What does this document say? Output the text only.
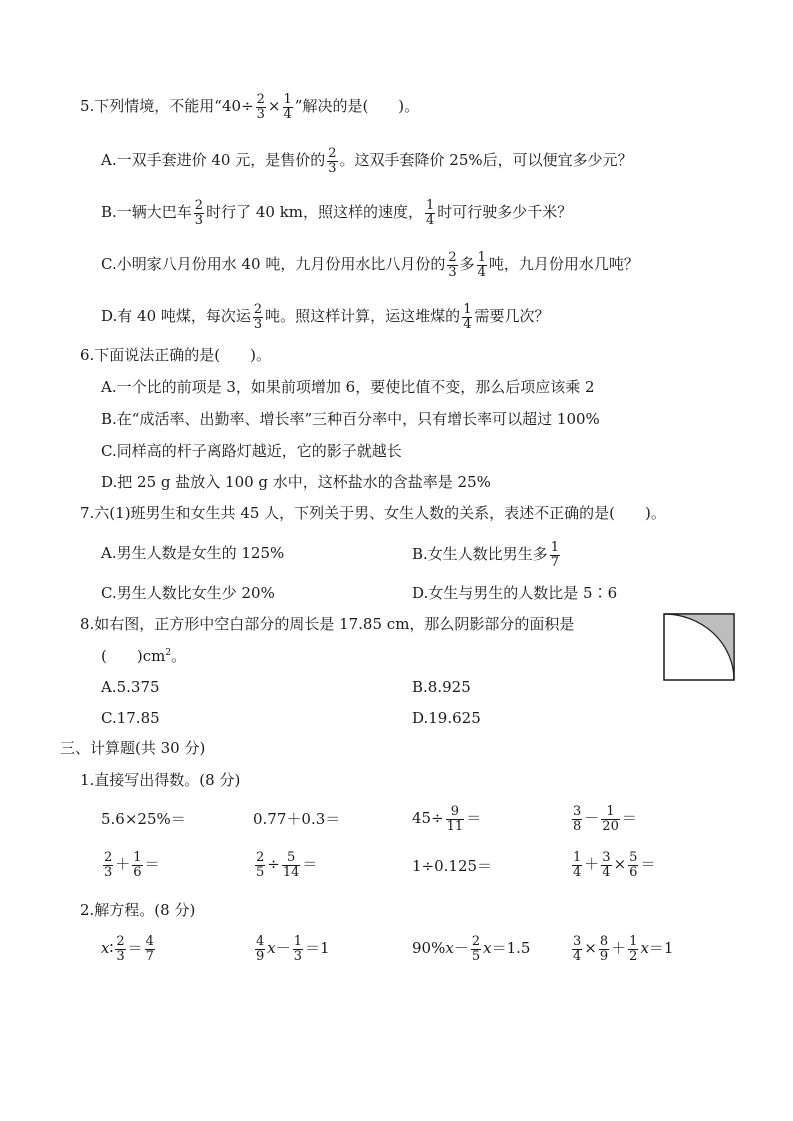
5.下列情境，不能用“$40\div \frac{2}{3} \times \frac{1}{4}$ ”解决的是(　　)。
A.一双手套进价 40 元，是售价的 $\frac{2}{3}$ 。这双手套降价 25%后，可以便宜多少元？
B.一辆大巴车 $\frac{2}{3}$ 时行了 40 km，照这样的速度， $\frac{1}{4}$ 时可行驶多少千米？
C.小明家八月份用水 40 吨，九月份用水比八月份的 $\frac{2}{3}$ 多 $\frac{1}{4}$ 吨，九月份用水几吨？
D.有 40 吨煤，每次运 $\frac{2}{3}$ 吨。照这样计算，运这堆煤的 $\frac{1}{4}$ 需要几次？
6.下面说法正确的是(　　)。
A.一个比的前项是 3，如果前项增加 6，要使比值不变，那么后项应该乘 2
B.在“成活率、出勤率、增长率”三种百分率中，只有增长率可以超过 100%
C.同样高的杆子离路灯越近，它的影子就越长
D.把 25 g 盐放入 100 g 水中，这杯盐水的含盐率是 25%
7.六(1)班男生和女生共 45 人，下列关于男、女生人数的关系，表述不正确的是(　　)。
A.男生人数是女生的 125%	B.女生人数比男生多 $\frac{1}{7}$
C.男生人数比女生少 20%	D.女生与男生的人数比是 5∶6
8.如右图，正方形中空白部分的周长是 17.85 cm，那么阴影部分的面积是
(　　)$cm^2$。
A.5.375	B.8.925
C.17.85	D.19.625
三、计算题(共 30 分)
1.直接写出得数。(8 分)
5.6×25%＝	0.77＋0.3＝	$45\div \frac{9}{11}$ ＝	$\frac{3}{8} - \frac{1}{20}$ ＝
$\frac{2}{3} + \frac{1}{6}$ ＝	$\frac{2}{5} \div \frac{5}{14}$ ＝	1÷0.125＝	$\frac{1}{4} + \frac{3}{4} \times \frac{5}{6}$ ＝
2.解方程。(8 分)
x∶ $\frac{2}{3} = \frac{4}{7}$	$\frac{4}{9} x- \frac{1}{3} =1$	$90\%x- \frac{2}{5} x=1.5$	$\frac{3}{4} \times \frac{8}{9} + \frac{1}{2} x=1$
